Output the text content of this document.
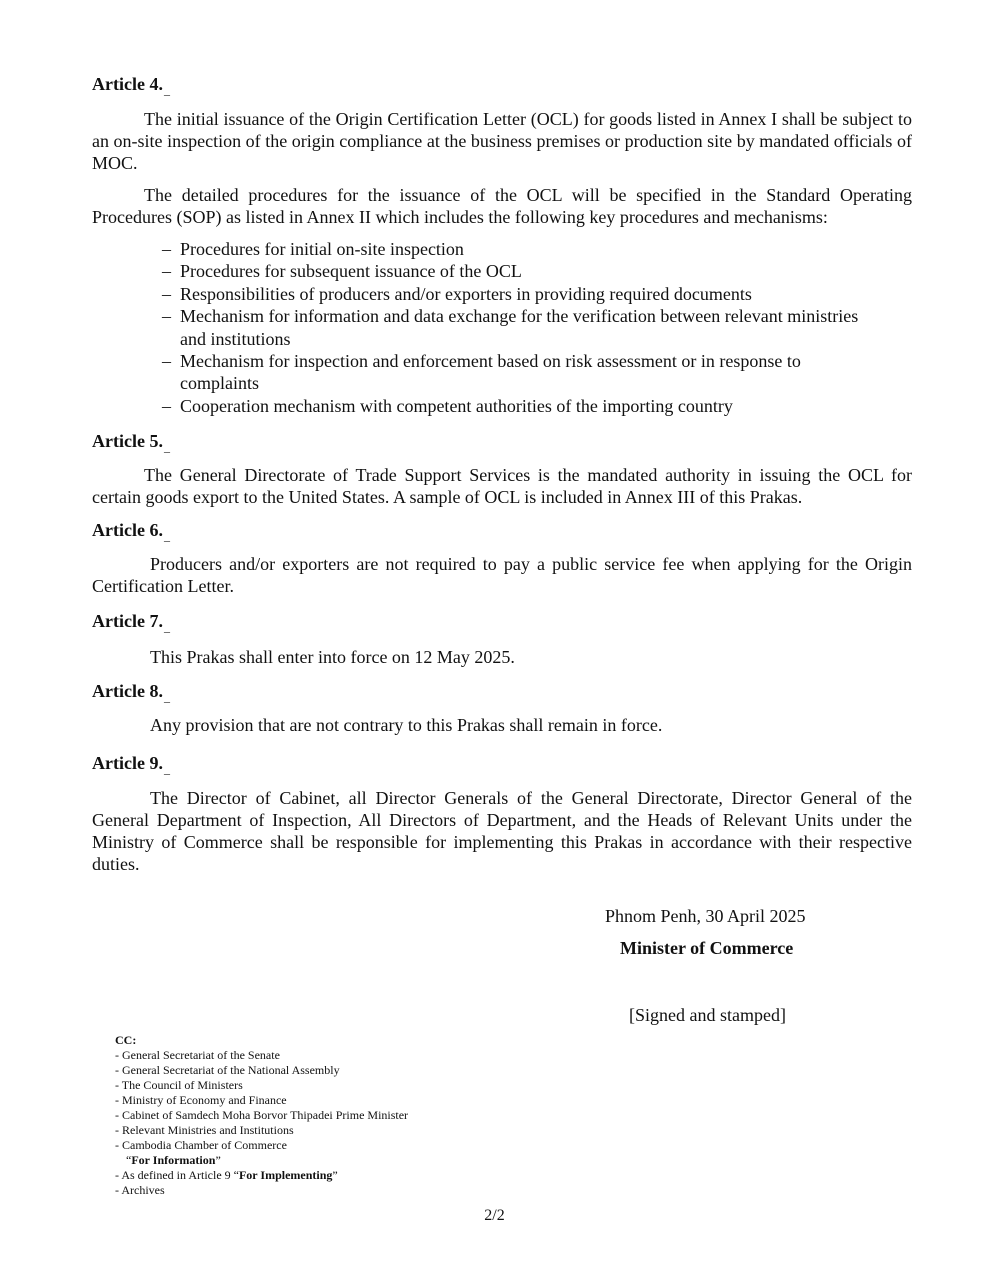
Article $4._{\_}$

The initial issuance of the Origin Certification Letter (OCL) for goods listed in Annex I shall be subject to an on-site inspection of the origin compliance at the business premises or production site by mandated officials of MOC.

The detailed procedures for the issuance of the OCL will be specified in the Standard Operating Procedures (SOP) as listed in Annex II which includes the following key procedures and mechanisms:

– Procedures for initial on-site inspection
– Procedures for subsequent issuance of the OCL
– Responsibilities of producers and/or exporters in providing required documents
– Mechanism for information and data exchange for the verification between relevant ministries and institutions
– Mechanism for inspection and enforcement based on risk assessment or in response to complaints
– Cooperation mechanism with competent authorities of the importing country
Article $5._{\_}$

The General Directorate of Trade Support Services is the mandated authority in issuing the OCL for certain goods export to the United States. A sample of OCL is included in Annex III of this Prakas.

Article $6._{\_}$

Producers and/or exporters are not required to pay a public service fee when applying for the Origin Certification Letter.

Article $7._{\_}$

This Prakas shall enter into force on 12 May 2025.

Article $8._{\_}$

Any provision that are not contrary to this Prakas shall remain in force.

Article $9._{\_}$

The Director of Cabinet, all Director Generals of the General Directorate, Director General of the General Department of Inspection, All Directors of Department, and the Heads of Relevant Units under the Ministry of Commerce shall be responsible for implementing this Prakas in accordance with their respective duties.

Phnom Penh, 30 April 2025
Minister of Commerce
[Signed and stamped]
CC:
- General Secretariat of the Senate
- General Secretariat of the National Assembly
- The Council of Ministers
- Ministry of Economy and Finance
- Cabinet of Samdech Moha Borvor Thipadei Prime Minister
- Relevant Ministries and Institutions
- Cambodia Chamber of Commerce
“For Information”
- As defined in Article 9 “For Implementing”
- Archives
2/2
